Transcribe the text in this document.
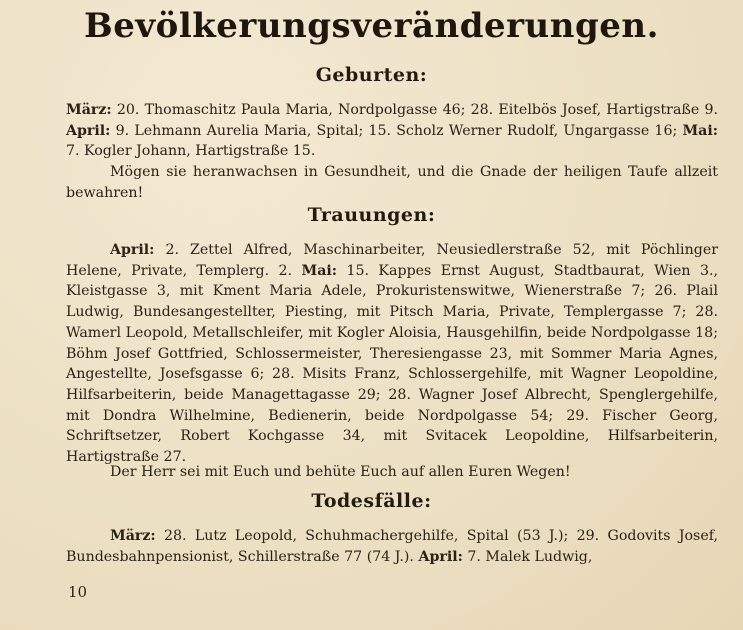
Bevölkerungsveränderungen.
Geburten:

März: 20. Thomaschitz Paula Maria, Nordpolgasse 46; 28. Eitelbös Josef, Hartigstraße 9. April: 9. Lehmann Aurelia Maria, Spital; 15. Scholz Werner Rudolf, Ungargasse 16; Mai: 7. Kogler Johann, Hartigstraße 15.

Mögen sie heranwachsen in Gesundheit, und die Gnade der heiligen Taufe allzeit bewahren!

Trauungen:

April: 2. Zettel Alfred, Maschinarbeiter, Neusiedlerstraße 52, mit Pöchlinger Helene, Private, Templerg. 2. Mai: 15. Kappes Ernst August, Stadtbaurat, Wien 3., Kleistgasse 3, mit Kment Maria Adele, Prokuristenswitwe, Wienerstraße 7; 26. Plail Ludwig, Bundesangestellter, Piesting, mit Pitsch Maria, Private, Templergasse 7; 28. Wamerl Leopold, Metallschleifer, mit Kogler Aloisia, Hausgehilfin, beide Nordpolgasse 18; Böhm Josef Gottfried, Schlossermeister, Theresiengasse 23, mit Sommer Maria Agnes, Angestellte, Josefsgasse 6; 28. Misits Franz, Schlossergehilfe, mit Wagner Leopoldine, Hilfsarbeiterin, beide Managettagasse 29; 28. Wagner Josef Albrecht, Spenglergehilfe, mit Dondra Wilhelmine, Bedienerin, beide Nordpolgasse 54; 29. Fischer Georg, Schriftsetzer, Robert Kochgasse 34, mit Svitacek Leopoldine, Hilfsarbeiterin, Hartigstraße 27.

Der Herr sei mit Euch und behüte Euch auf allen Euren Wegen!

Todesfälle:

März: 28. Lutz Leopold, Schuhmachergehilfe, Spital (53 J.); 29. Godovits Josef, Bundesbahnpensionist, Schillerstraße 77 (74 J.). April: 7. Malek Ludwig,

10
